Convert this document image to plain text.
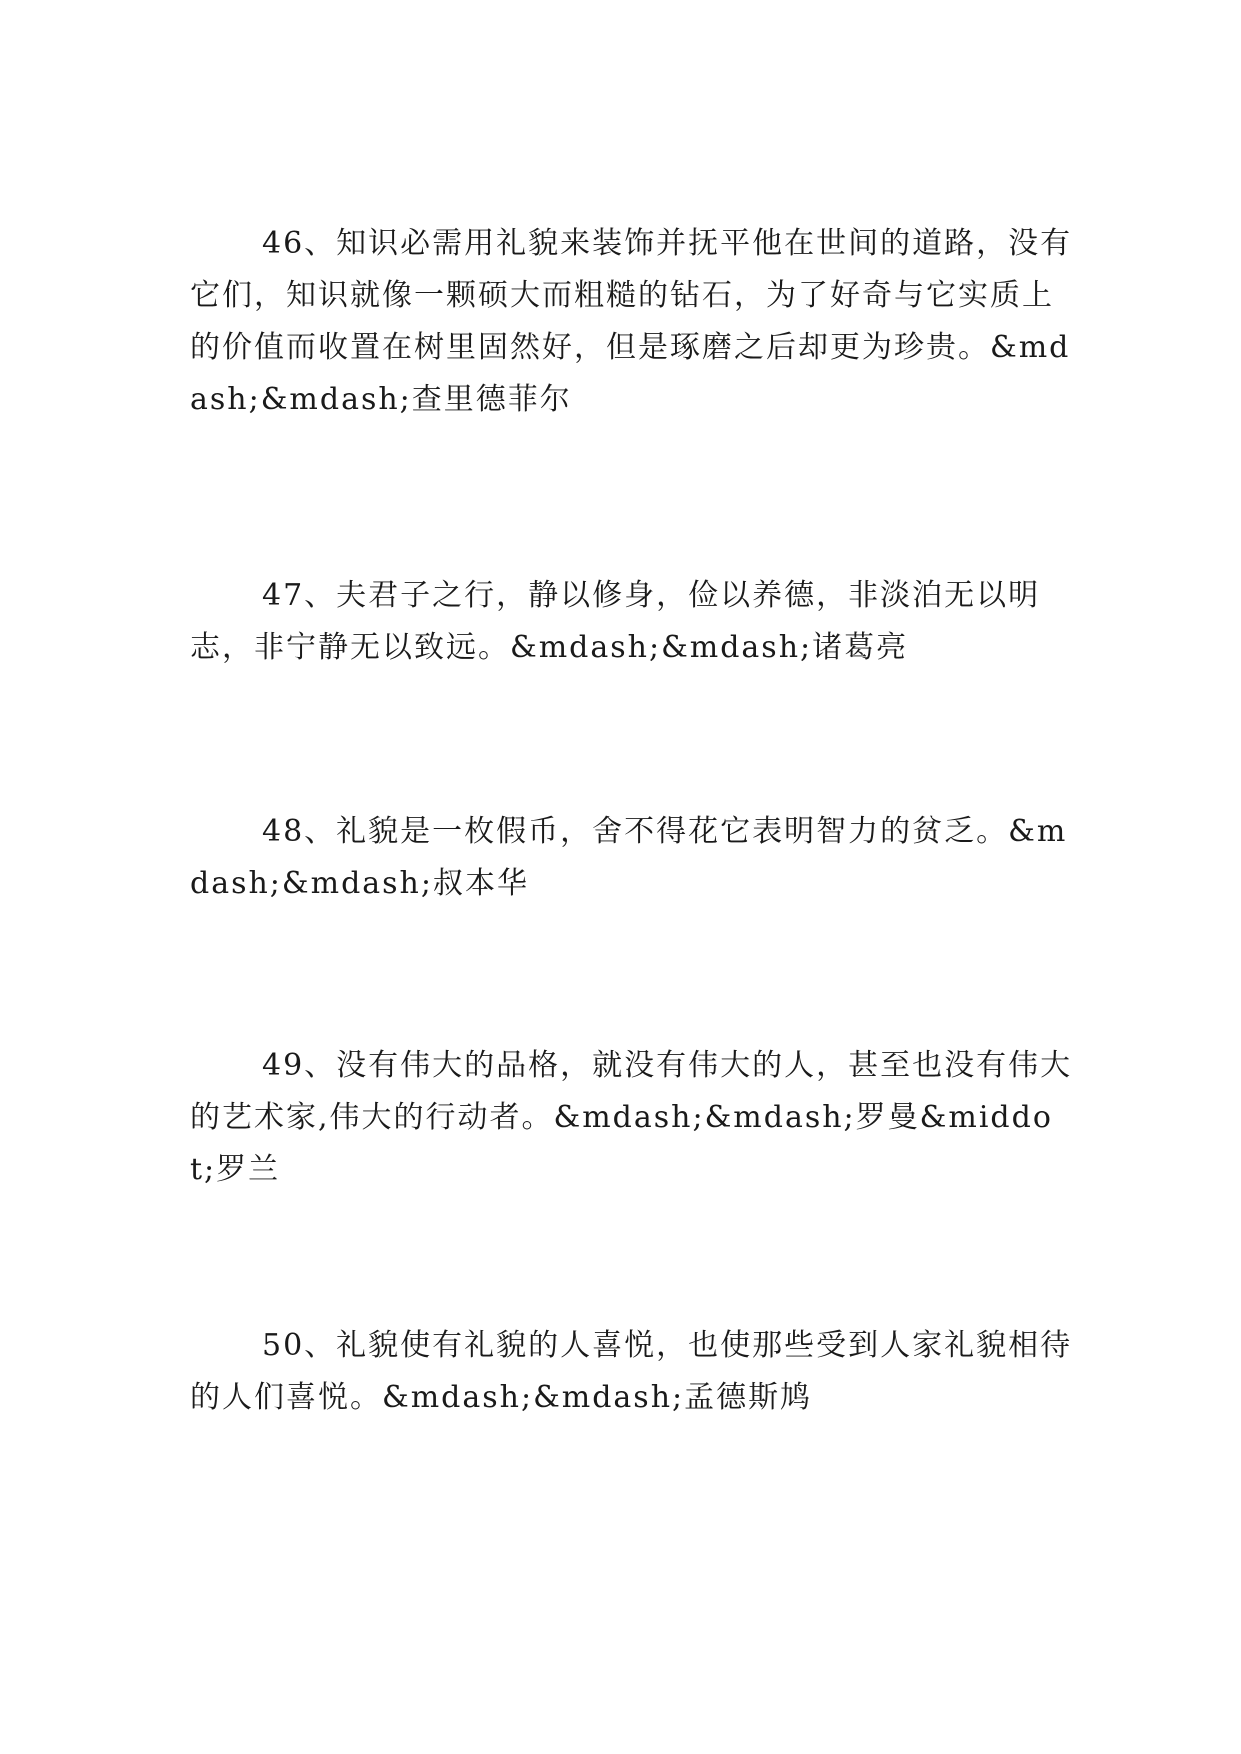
46、知识必需用礼貌来装饰并抚平他在世间的道路，没有它们，知识就像一颗硕大而粗糙的钻石，为了好奇与它实质上的价值而收置在树里固然好，但是琢磨之后却更为珍贵。&mdash;&mdash;查里德菲尔

47、夫君子之行，静以修身，俭以养德，非淡泊无以明志，非宁静无以致远。&mdash;&mdash;诸葛亮

48、礼貌是一枚假币，舍不得花它表明智力的贫乏。&mdash;&mdash;叔本华

49、没有伟大的品格，就没有伟大的人，甚至也没有伟大的艺术家,伟大的行动者。&mdash;&mdash;罗曼&middot;罗兰

50、礼貌使有礼貌的人喜悦，也使那些受到人家礼貌相待的人们喜悦。&mdash;&mdash;孟德斯鸠
